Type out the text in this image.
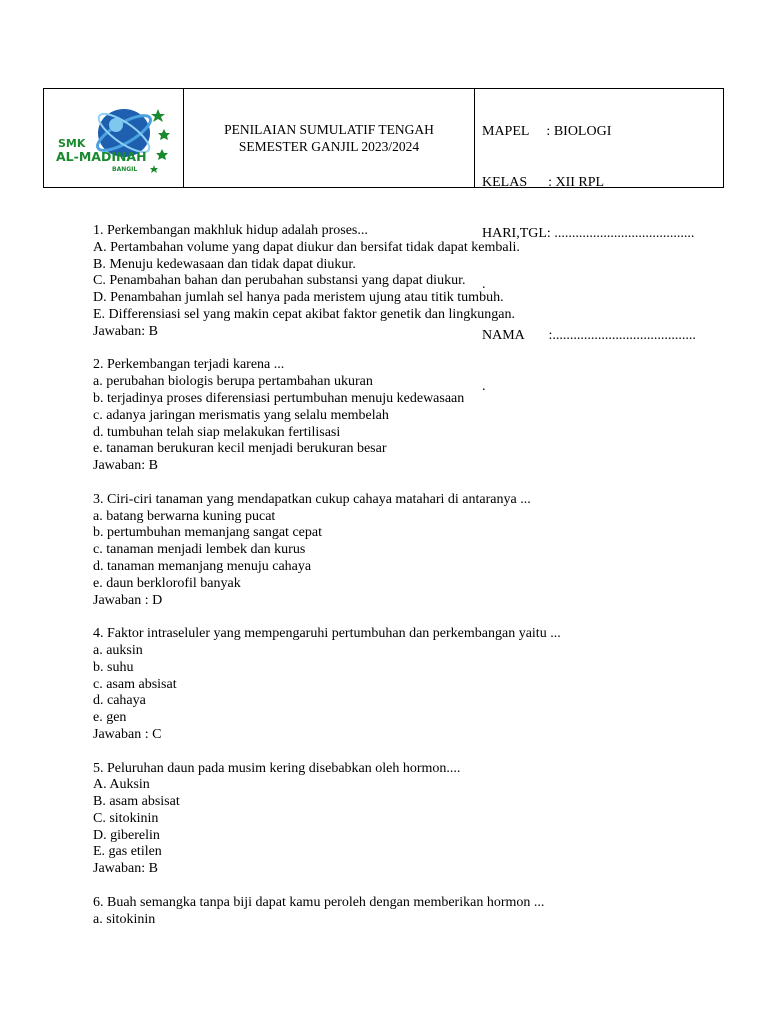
SMK
AL-MADINAH
BANGIL
PENILAIAN SUMULATIF TENGAH
SEMESTER GANJIL 2023/2024

MAPEL     : BIOLOGI

KELAS      : XII RPL

HARI,TGL: ........................................

.

NAMA       :.........................................

.

1. Perkembangan makhluk hidup adalah proses...

A. Pertambahan volume yang dapat diukur dan bersifat tidak dapat kembali.

B. Menuju kedewasaan dan tidak dapat diukur.

C. Penambahan bahan dan perubahan substansi yang dapat diukur.

D. Penambahan jumlah sel hanya pada meristem ujung atau titik tumbuh.

E. Differensiasi sel yang makin cepat akibat faktor genetik dan lingkungan.

Jawaban: B

2. Perkembangan terjadi karena ...

a. perubahan biologis berupa pertambahan ukuran

b. terjadinya proses diferensiasi pertumbuhan menuju kedewasaan

c. adanya jaringan merismatis yang selalu membelah

d. tumbuhan telah siap melakukan fertilisasi

e. tanaman berukuran kecil menjadi berukuran besar

Jawaban: B

3. Ciri-ciri tanaman yang mendapatkan cukup cahaya matahari di antaranya ...

a. batang berwarna kuning pucat

b. pertumbuhan memanjang sangat cepat

c. tanaman menjadi lembek dan kurus

d. tanaman memanjang menuju cahaya

e. daun berklorofil banyak

Jawaban : D

4. Faktor intraseluler yang mempengaruhi pertumbuhan dan perkembangan yaitu ...

a. auksin

b. suhu

c. asam absisat

d. cahaya

e. gen

Jawaban : C

5. Peluruhan daun pada musim kering disebabkan oleh hormon....

A. Auksin

B. asam absisat

C. sitokinin

D. giberelin

E. gas etilen

Jawaban: B

6. Buah semangka tanpa biji dapat kamu peroleh dengan memberikan hormon ...

a. sitokinin
